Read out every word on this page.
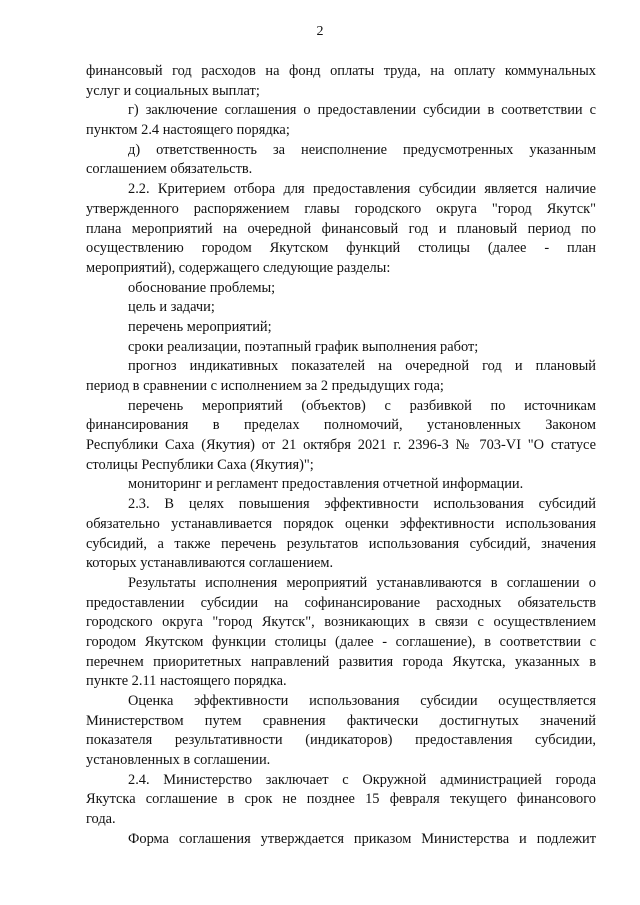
2
финансовый год расходов на фонд оплаты труда, на оплату коммунальных
услуг и социальных выплат;
г) заключение соглашения о предоставлении субсидии в соответствии с
пунктом 2.4 настоящего порядка;
д) ответственность за неисполнение предусмотренных указанным
соглашением обязательств.
2.2. Критерием отбора для предоставления субсидии является наличие
утвержденного распоряжением главы городского округа "город Якутск"
плана мероприятий на очередной финансовый год и плановый период по
осуществлению городом Якутском функций столицы (далее - план
мероприятий), содержащего следующие разделы:
обоснование проблемы;
цель и задачи;
перечень мероприятий;
сроки реализации, поэтапный график выполнения работ;
прогноз индикативных показателей на очередной год и плановый
период в сравнении с исполнением за 2 предыдущих года;
перечень мероприятий (объектов) с разбивкой по источникам
финансирования в пределах полномочий, установленных Законом
Республики Саха (Якутия) от 21 октября 2021 г. 2396-З № 703-VI "О статусе
столицы Республики Саха (Якутия)";
мониторинг и регламент предоставления отчетной информации.
2.3. В целях повышения эффективности использования субсидий
обязательно устанавливается порядок оценки эффективности использования
субсидий, а также перечень результатов использования субсидий, значения
которых устанавливаются соглашением.
Результаты исполнения мероприятий устанавливаются в соглашении о
предоставлении субсидии на софинансирование расходных обязательств
городского округа "город Якутск", возникающих в связи с осуществлением
городом Якутском функции столицы (далее - соглашение), в соответствии с
перечнем приоритетных направлений развития города Якутска, указанных в
пункте 2.11 настоящего порядка.
Оценка эффективности использования субсидии осуществляется
Министерством путем сравнения фактически достигнутых значений
показателя результативности (индикаторов) предоставления субсидии,
установленных в соглашении.
2.4. Министерство заключает с Окружной администрацией города
Якутска соглашение в срок не позднее 15 февраля текущего финансового
года.
Форма соглашения утверждается приказом Министерства и подлежит
